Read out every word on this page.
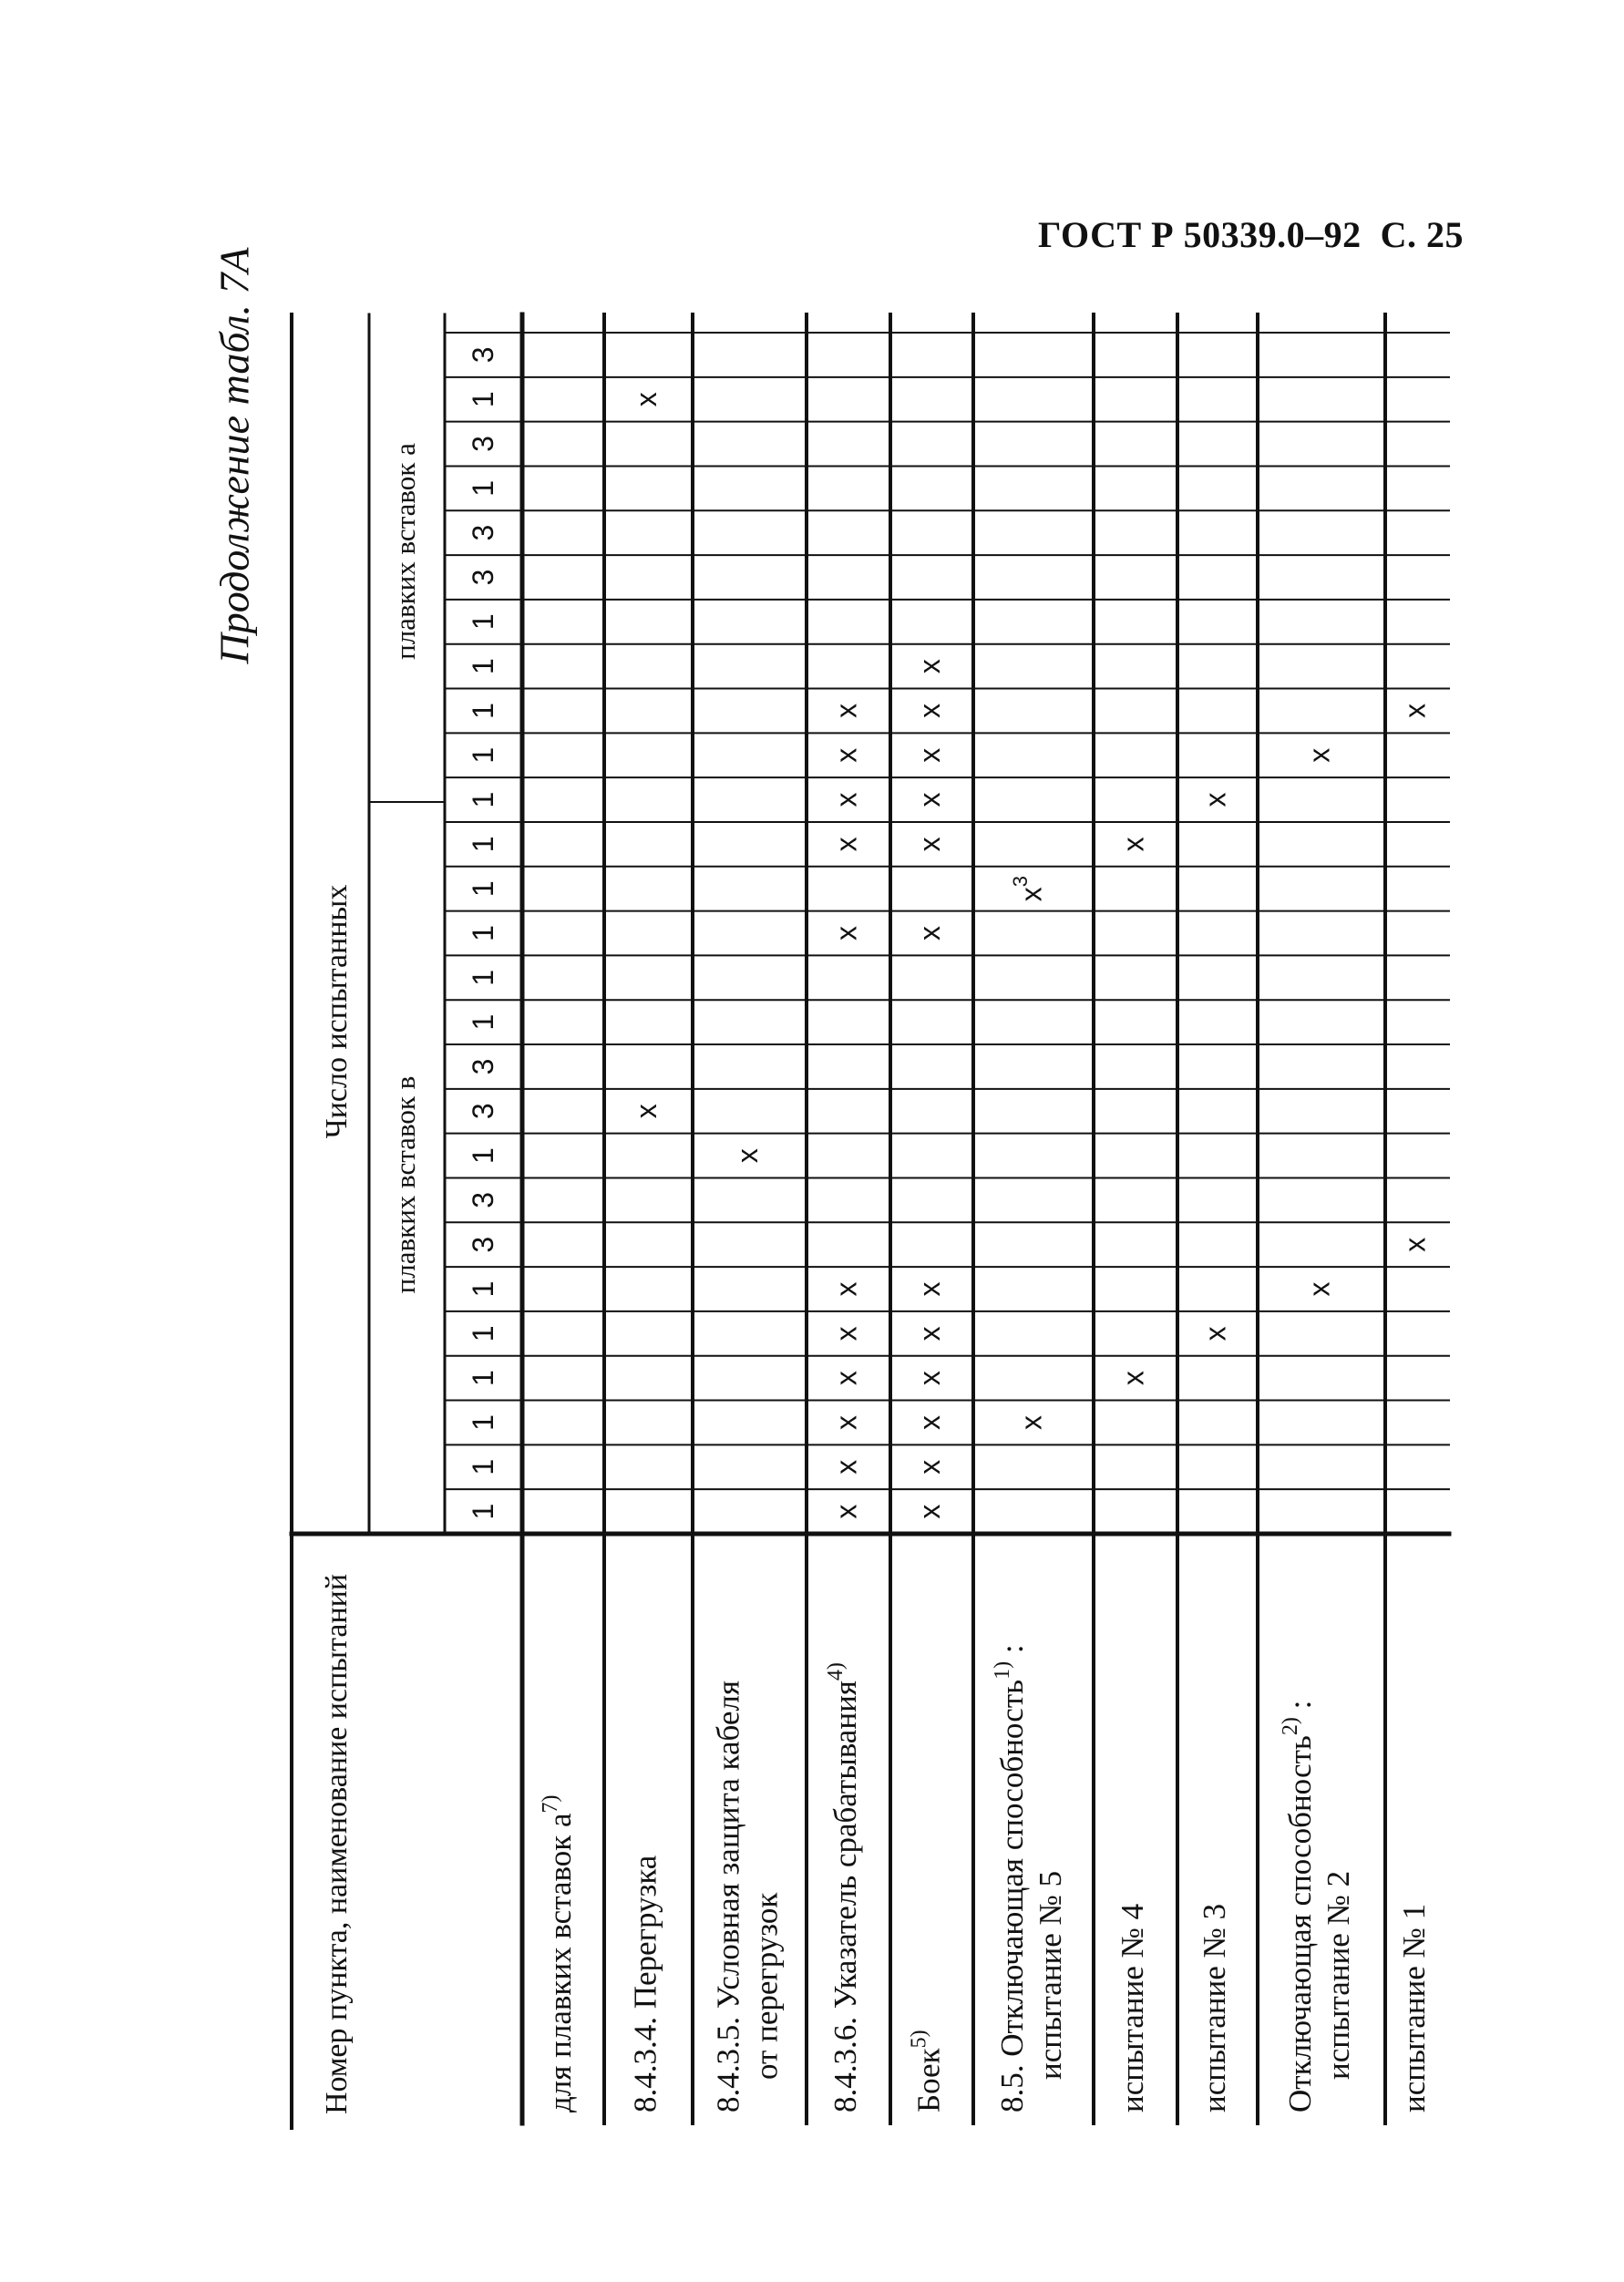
ГОСТ Р 50339.0–92 С. 25
Номер пункта, наименование испытаний
Число испытанных
плавких вставок в
плавких вставок а
1
1
1
1
1
1
3
3
1
3
3
1
1
1
1
1
1
1
1
1
1
3
3
1
3
1
3
Продолжение табл. 7А
для плавких вставок $а^{7)}$
8.4.3.4. Перегрузка
х
х
8.4.3.5. Условная защита кабеля от перегрузок
х
8.4.3.6. Указатель срабатывания$^{4)}$
х
х
х
х
х
х
х
х
х
х
х
Боек$^{5)}$
х
х
х
х
х
х
х
х
х
х
х
х
8.5. Отключающая способность$^{1)}$ :
испытание № 5
х
$х^3$
испытание № 4
х
х
испытание № 3
х
х
Отключающая способность$^{2)}$ :
испытание № 2
х
х
испытание № 1
х
х
